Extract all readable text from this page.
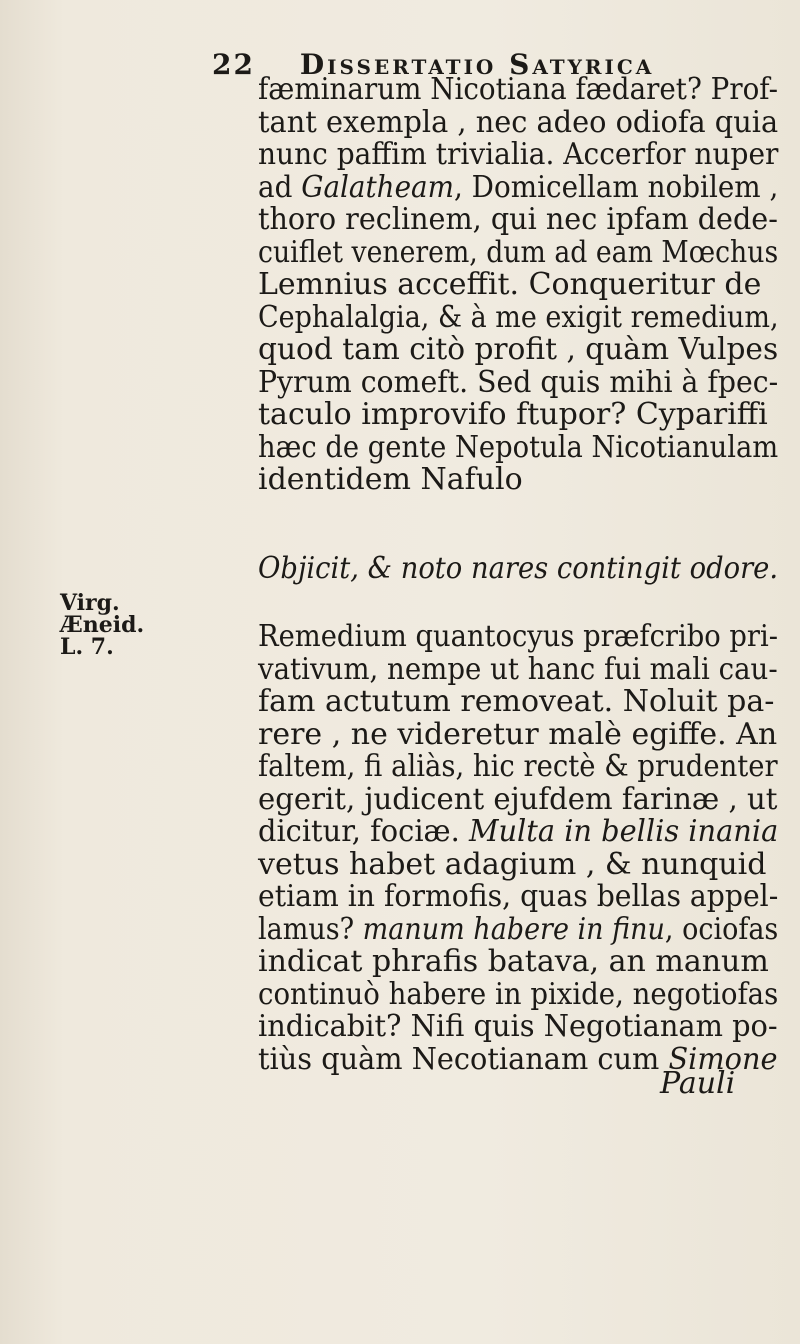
22 Dissertatio Satyrica
Virg.
Æneid.
L. 7.
fæminarum Nicotiana fædaret? Prof-
tant exempla , nec adeo odiofa quia
nunc paffim trivialia. Accerfor nuper
ad Galatheam, Domicellam nobilem ,
thoro reclinem, qui nec ipfam dede-
cuiflet venerem, dum ad eam Mœchus
Lemnius acceffit. Conqueritur de
Cephalalgia, & à me exigit remedium,
quod tam citò profit , quàm Vulpes
Pyrum comeft. Sed quis mihi à fpec-
taculo improvifo ftupor? Cypariffi
hæc de gente Nepotula Nicotianulam
identidem Nafulo
Objicit, & noto nares contingit odore.
Remedium quantocyus præfcribo pri-
vativum, nempe ut hanc fui mali cau-
fam actutum removeat. Noluit pa-
rere , ne videretur malè egiffe. An
faltem, fi aliàs, hic rectè & prudenter
egerit, judicent ejufdem farinæ , ut
dicitur, fociæ. Multa in bellis inania
vetus habet adagium , & nunquid
etiam in formofis, quas bellas appel-
lamus? manum habere in finu, ociofas
indicat phrafis batava, an manum
continuò habere in pixide, negotiofas
indicabit? Nifi quis Negotianam po-
tiùs quàm Necotianam cum Simone
Pauli
